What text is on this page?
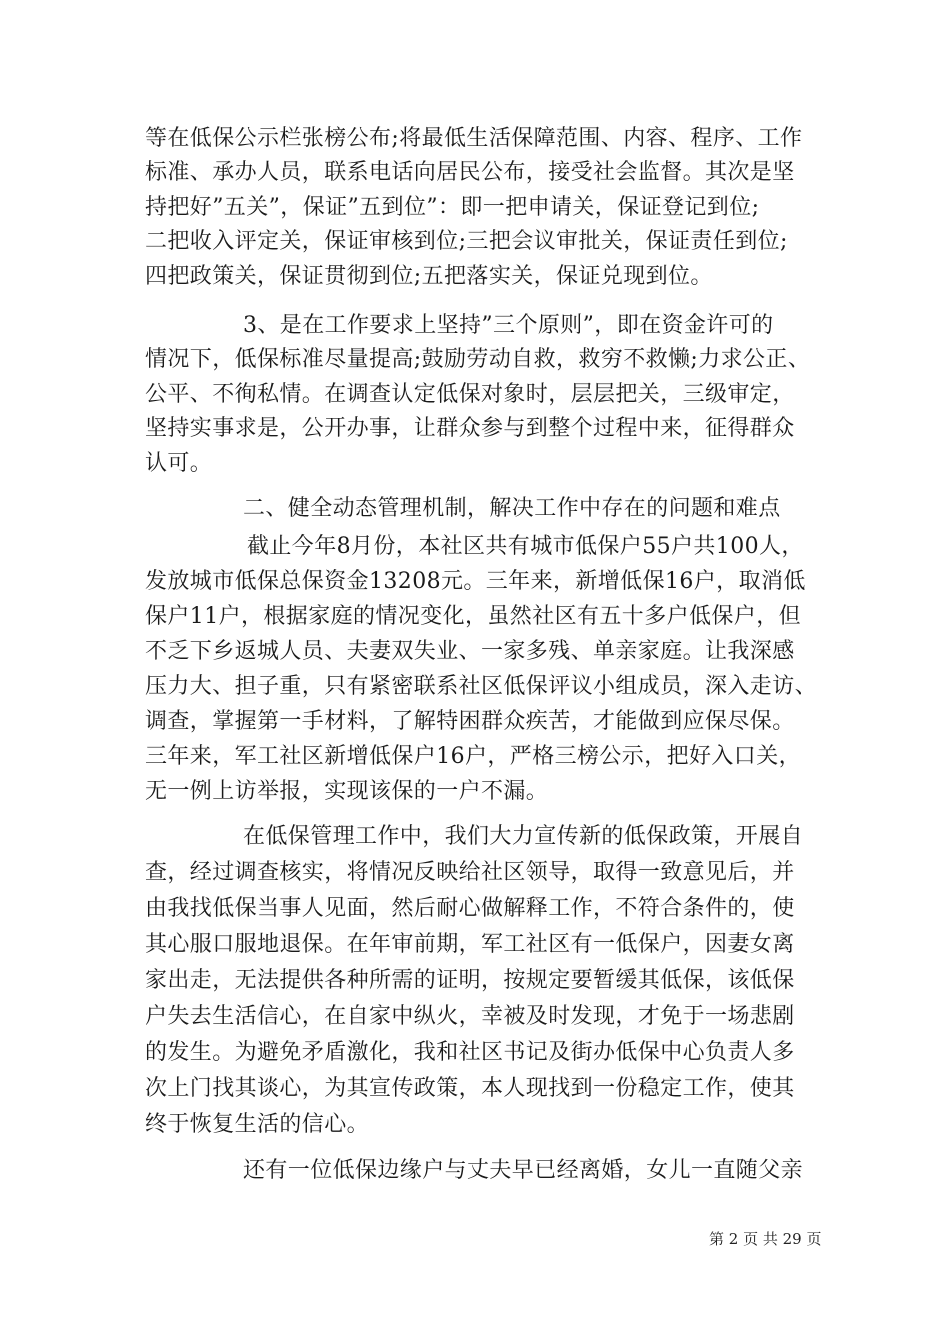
等在低保公示栏张榜公布;将最低生活保障范围、内容、程序、工作

标准、承办人员，联系电话向居民公布，接受社会监督。其次是坚

持把好”五关”，保证”五到位”：即一把申请关，保证登记到位;

二把收入评定关，保证审核到位;三把会议审批关，保证责任到位;

四把政策关，保证贯彻到位;五把落实关，保证兑现到位。

3、是在工作要求上坚持”三个原则”，即在资金许可的

情况下，低保标准尽量提高;鼓励劳动自救，救穷不救懒;力求公正、

公平、不徇私情。在调查认定低保对象时，层层把关，三级审定，

坚持实事求是，公开办事，让群众参与到整个过程中来，征得群众

认可。

二、健全动态管理机制，解决工作中存在的问题和难点

截止今年8月份，本社区共有城市低保户55户共100人，

发放城市低保总保资金13208元。三年来，新增低保16户，取消低

保户11户，根据家庭的情况变化，虽然社区有五十多户低保户，但

不乏下乡返城人员、夫妻双失业、一家多残、单亲家庭。让我深感

压力大、担子重，只有紧密联系社区低保评议小组成员，深入走访、

调查，掌握第一手材料，了解特困群众疾苦，才能做到应保尽保。

三年来，军工社区新增低保户16户，严格三榜公示，把好入口关，

无一例上访举报，实现该保的一户不漏。

在低保管理工作中，我们大力宣传新的低保政策，开展自

查，经过调查核实，将情况反映给社区领导，取得一致意见后，并

由我找低保当事人见面，然后耐心做解释工作，不符合条件的，使

其心服口服地退保。在年审前期，军工社区有一低保户，因妻女离

家出走，无法提供各种所需的证明，按规定要暂缓其低保，该低保

户失去生活信心，在自家中纵火，幸被及时发现，才免于一场悲剧

的发生。为避免矛盾激化，我和社区书记及街办低保中心负责人多

次上门找其谈心，为其宣传政策，本人现找到一份稳定工作，使其

终于恢复生活的信心。

还有一位低保边缘户与丈夫早已经离婚，女儿一直随父亲

第 2 页 共 29 页
